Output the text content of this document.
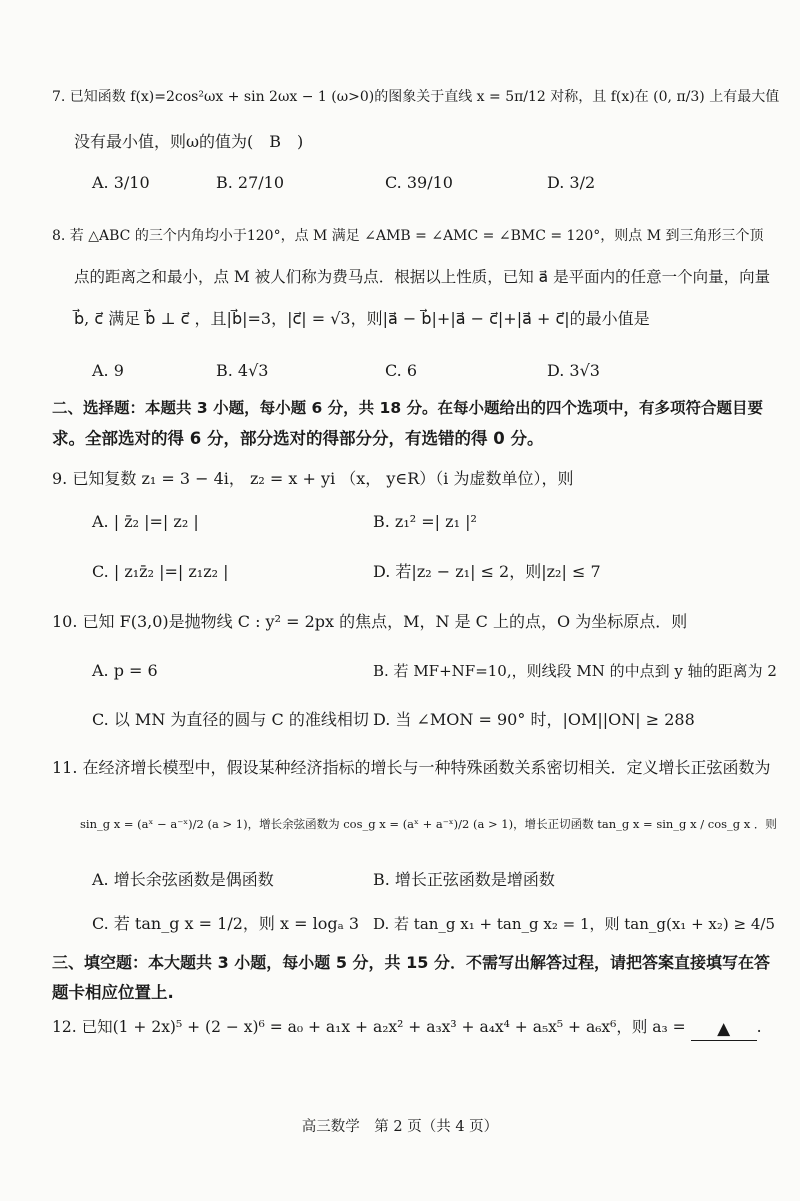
7. 已知函数 f(x)=2cos²ωx + sin 2ωx − 1 (ω>0)的图象关于直线 x = 5π/12 对称，且 f(x)在 (0, π/3) 上有最大值
没有最小值，则ω的值为(　B　)
A. 3/10	B. 27/10	C. 39/10	D. 3/2
8. 若 △ABC 的三个内角均小于120°，点 M 满足 ∠AMB = ∠AMC = ∠BMC = 120°，则点 M 到三角形三个顶
点的距离之和最小，点 M 被人们称为费马点．根据以上性质，已知 a⃗ 是平面内的任意一个向量，向量
b⃗, c⃗ 满足 b⃗ ⊥ c⃗ ，且|b⃗|=3，|c⃗| = √3，则|a⃗ − b⃗|+|a⃗ − c⃗|+|a⃗ + c⃗|的最小值是
A. 9	B. 4√3	C. 6	D. 3√3
二、选择题：本题共 3 小题，每小题 6 分，共 18 分。在每小题给出的四个选项中，有多项符合题目要
求。全部选对的得 6 分，部分选对的得部分分，有选错的得 0 分。
9. 已知复数 z₁ = 3 − 4i， z₂ = x + yi （x， y∈R）（i 为虚数单位），则
A. | z̄₂ |=| z₂ |	B. z₁² =| z₁ |²
C. | z₁z̄₂ |=| z₁z₂ |	D. 若|z₂ − z₁| ≤ 2，则|z₂| ≤ 7
10. 已知 F(3,0)是抛物线 C : y² = 2px 的焦点，M，N 是 C 上的点，O 为坐标原点．则
A. p = 6	B. 若 MF+NF=10,，则线段 MN 的中点到 y 轴的距离为 2
C. 以 MN 为直径的圆与 C 的准线相切 D. 当 ∠MON = 90° 时，|OM||ON| ≥ 288
11. 在经济增长模型中，假设某种经济指标的增长与一种特殊函数关系密切相关．定义增长正弦函数为
sin_g x = (aˣ − a⁻ˣ)/2 (a > 1)，增长余弦函数为 cos_g x = (aˣ + a⁻ˣ)/2 (a > 1)，增长正切函数 tan_g x = sin_g x / cos_g x ．则
A. 增长余弦函数是偶函数	B. 增长正弦函数是增函数
C. 若 tan_g x = 1/2，则 x = logₐ 3 D. 若 tan_g x₁ + tan_g x₂ = 1，则 tan_g(x₁ + x₂) ≥ 4/5
三、填空题：本大题共 3 小题，每小题 5 分，共 15 分．不需写出解答过程，请把答案直接填写在答
题卡相应位置上.
12. 已知(1 + 2x)⁵ + (2 − x)⁶ = a₀ + a₁x + a₂x² + a₃x³ + a₄x⁴ + a₅x⁵ + a₆x⁶，则 a₃ = ▲ .
高三数学　第 2 页（共 4 页）
